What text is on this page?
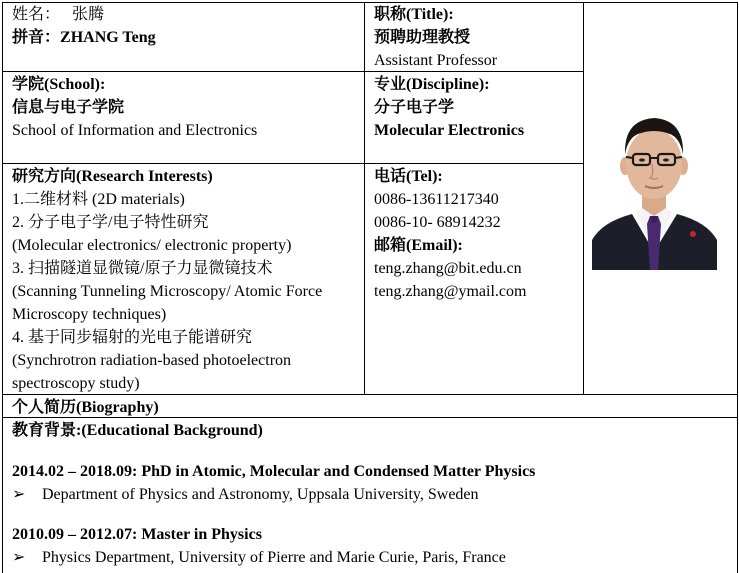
姓名： 张腾
拼音：ZHANG Teng
职称(Title):
预聘助理教授
Assistant Professor
学院(School):
信息与电子学院
School of Information and Electronics
专业(Discipline):
分子电子学
Molecular Electronics
研究方向(Research Interests)
1.二维材料 (2D materials)
2. 分子电子学/电子特性研究
(Molecular electronics/ electronic property)
3. 扫描隧道显微镜/原子力显微镜技术
(Scanning Tunneling Microscopy/ Atomic Force
Microscopy techniques)
4. 基于同步辐射的光电子能谱研究
(Synchrotron radiation-based photoelectron
spectroscopy study)
电话(Tel):
0086-13611217340
0086-10- 68914232
邮箱(Email):
teng.zhang@bit.edu.cn
teng.zhang@ymail.com
个人简历(Biography)
教育背景:(Educational Background)
2014.02 – 2018.09: PhD in Atomic, Molecular and Condensed Matter Physics
➢ Department of Physics and Astronomy, Uppsala University, Sweden
2010.09 – 2012.07: Master in Physics
➢ Physics Department, University of Pierre and Marie Curie, Paris, France
